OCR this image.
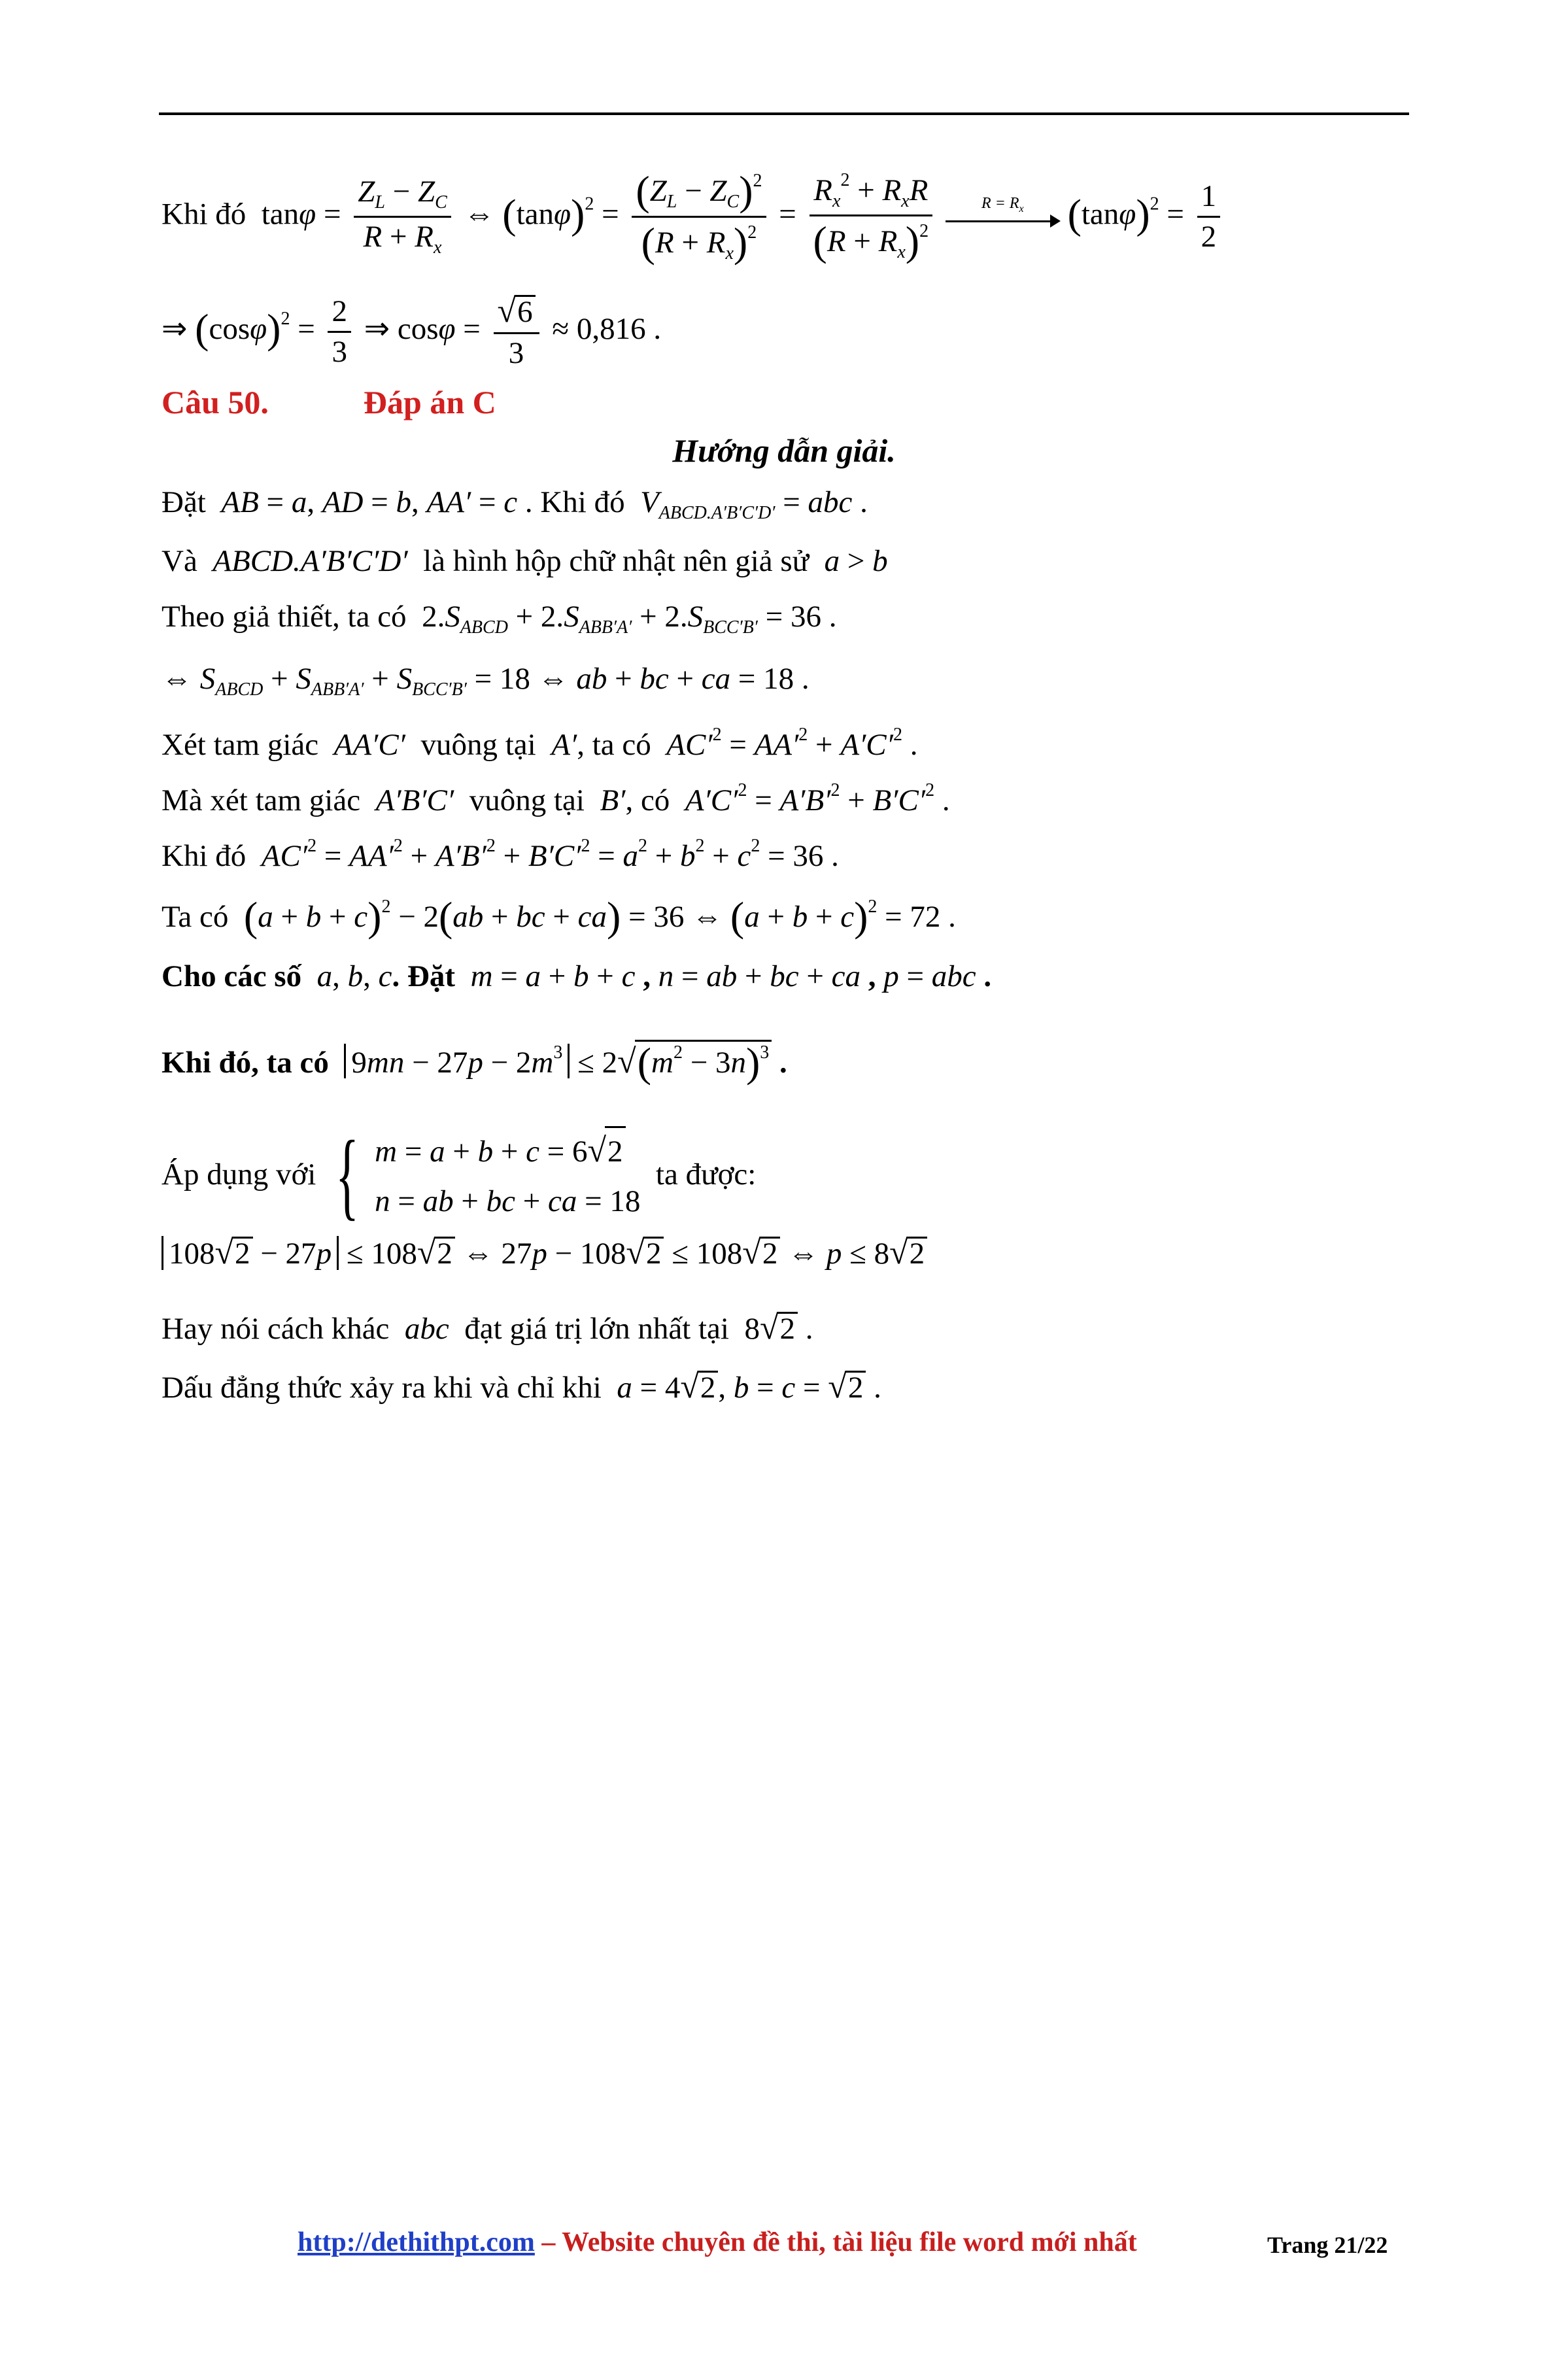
Khi đó  $\tan\varphi = \frac{Z_L - Z_C}{R + R_x}$ ⇔ $(\tan\varphi)^2 = \frac{(Z_L - Z_C)^2}{(R + R_x)^2} = \frac{R_x^2 + R_xR}{(R + R_x)^2}$
	$R = R_x$	$(\tan\varphi)^2 = \frac{1}{2}$
⇒ $(\cos\varphi)^2 = \frac{2}{3}$ ⇒ $\cos\varphi = \frac{√6}{3} \approx 0,816$ .
Câu 50.	Đáp án C
Hướng dẫn giải.
Đặt AB = a, AD = b, AA′ = c . Khi đó $V_{ABCD.A'B'C'D'}$ = abc .
Và ABCD.A′B′C′D′ là hình hộp chữ nhật nên giả sử a > b
Theo giả thiết, ta có  $2.S_{ABCD} + 2.S_{ABB'A'} + 2.S_{BCC'B'} = 36$ .
⇔ $S_{ABCD} + S_{ABB'A'} + S_{BCC'B'} = 18$ ⇔ ab + bc + ca = 18 .
Xét tam giác AA′C′ vuông tại A′, ta có $AC'^2 = AA'^2 + A'C'^2$ .
Mà xét tam giác A′B′C′ vuông tại B′, có $A'C'^2 = A'B'^2 + B'C'^2$ .
Khi đó $AC'^2 = AA'^2 + A'B'^2 + B'C'^2 = a^2 + b^2 + c^2 = 36$ .
Ta có $(a + b + c)^2 - 2(ab$ + bc + ca) = 36 ⇔ $(a + b + c)^2 = 72$ .
Cho các số a, b, c. Đặt m = a + b + c , n = ab + bc + ca , p = abc .
Khi đó, ta có $9mn - 27p - 2m^3 \le 2√(m^2 - 3n)^3$ .
Áp dụng với { m = a + b + c = 6√2
n = ab + bc + ca = 18  ta được:
108√2 − 27p ≤ 108√2 ⇔ 27p − 108√2 ≤ 108√2 ⇔ p ≤ 8√2
Hay nói cách khác abc đạt giá trị lớn nhất tại  8√2 .
Dấu đẳng thức xảy ra khi và chỉ khi a = 4√2, b = c = √2 .
http://dethithpt.com – Website chuyên đề thi, tài liệu file word mới nhất	Trang 21/22
